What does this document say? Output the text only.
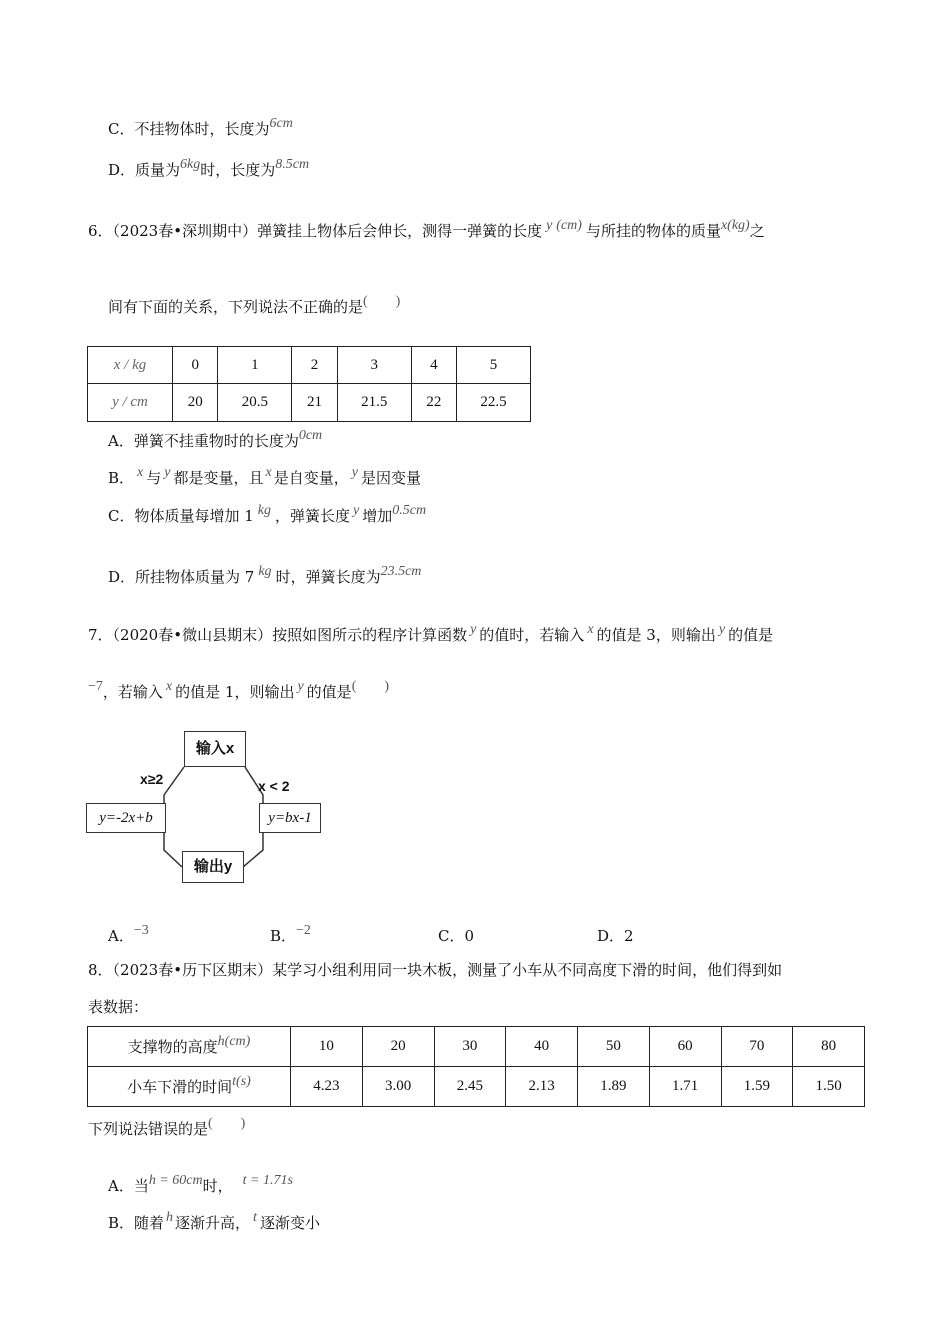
C．不挂物体时，长度为6cm
D．质量为6kg时，长度为8.5cm
6．（2023春•深圳期中）弹簧挂上物体后会伸长，测得一弹簧的长度 y (cm) 与所挂的物体的质量x(kg)之
间有下面的关系，下列说法不正确的是(　　)
x / kg	0	1	2	3	4	5
y / cm	20	20.5	21	21.5	22	22.5
A．弹簧不挂重物时的长度为0cm
B． x 与 y 都是变量，且 x 是自变量， y 是因变量
C．物体质量每增加 1 kg ，弹簧长度 y 增加0.5cm
D．所挂物体质量为 7 kg 时，弹簧长度为23.5cm
7．（2020春•微山县期末）按照如图所示的程序计算函数 y 的值时，若输入 x 的值是 3，则输出 y 的值是
−7，若输入 x 的值是 1，则输出 y 的值是(　　)
输入x
x≥2	x < 2
y=-2x+b	y=bx-1
输出y
A．−3	B．−2	C．0	D．2
8．（2023春•历下区期末）某学习小组利用同一块木板，测量了小车从不同高度下滑的时间，他们得到如
表数据：
支撑物的高度h(cm)	10	20	30	40	50	60	70	80
小车下滑的时间t(s)	4.23	3.00	2.45	2.13	1.89	1.71	1.59	1.50
下列说法错误的是(　　)
A．当h = 60cm时， t = 1.71s
B．随着 h 逐渐升高， t 逐渐变小
